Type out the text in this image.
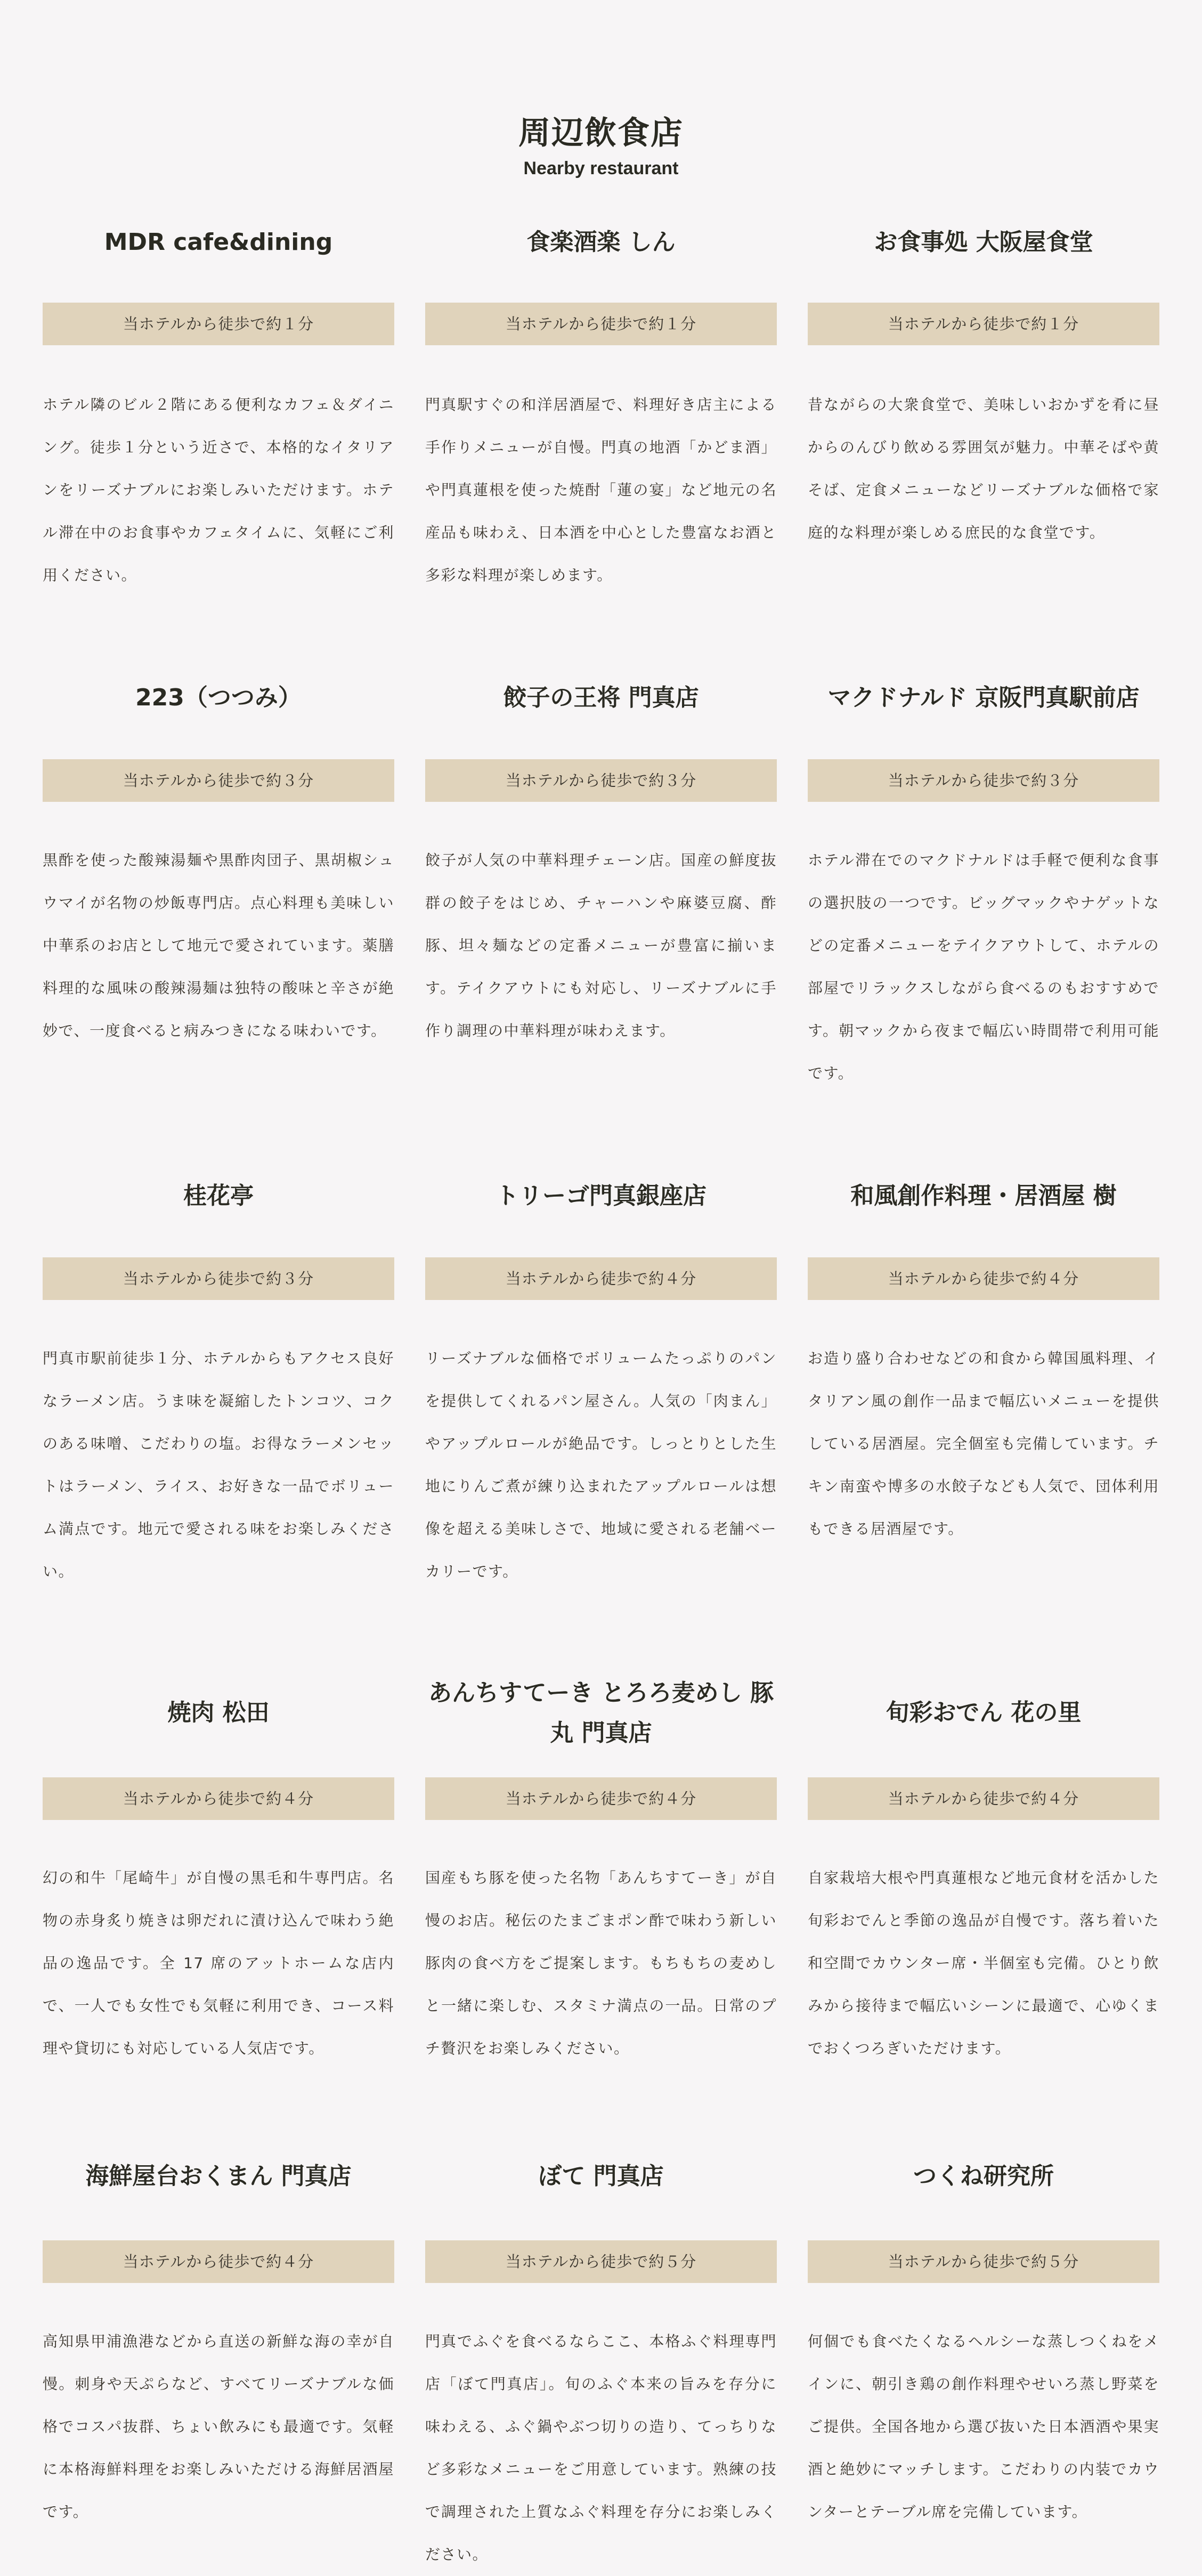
周辺飲食店
Nearby restaurant
MDR cafe&dining
当ホテルから徒歩で約１分

ホテル隣のビル２階にある便利なカフェ＆ダイニング。徒歩１分という近さで、本格的なイタリアンをリーズナブルにお楽しみいただけます。ホテル滞在中のお食事やカフェタイムに、気軽にご利用ください。

食楽酒楽 しん
当ホテルから徒歩で約１分

門真駅すぐの和洋居酒屋で、料理好き店主による手作りメニューが自慢。門真の地酒「かどま酒」や門真蓮根を使った焼酎「蓮の宴」など地元の名産品も味わえ、日本酒を中心とした豊富なお酒と多彩な料理が楽しめます。

お食事処 大阪屋食堂
当ホテルから徒歩で約１分

昔ながらの大衆食堂で、美味しいおかずを肴に昼からのんびり飲める雰囲気が魅力。中華そばや黄そば、定食メニューなどリーズナブルな価格で家庭的な料理が楽しめる庶民的な食堂です。

223（つつみ）
当ホテルから徒歩で約３分

黒酢を使った酸辣湯麺や黒酢肉団子、黒胡椒シュウマイが名物の炒飯専門店。点心料理も美味しい中華系のお店として地元で愛されています。薬膳料理的な風味の酸辣湯麺は独特の酸味と辛さが絶妙で、一度食べると病みつきになる味わいです。

餃子の王将 門真店
当ホテルから徒歩で約３分

餃子が人気の中華料理チェーン店。国産の鮮度抜群の餃子をはじめ、チャーハンや麻婆豆腐、酢豚、坦々麺などの定番メニューが豊富に揃います。テイクアウトにも対応し、リーズナブルに手作り調理の中華料理が味わえます。

マクドナルド 京阪門真駅前店
当ホテルから徒歩で約３分

ホテル滞在でのマクドナルドは手軽で便利な食事の選択肢の一つです。ビッグマックやナゲットなどの定番メニューをテイクアウトして、ホテルの部屋でリラックスしながら食べるのもおすすめです。朝マックから夜まで幅広い時間帯で利用可能です。

桂花亭
当ホテルから徒歩で約３分

門真市駅前徒歩１分、ホテルからもアクセス良好なラーメン店。うま味を凝縮したトンコツ、コクのある味噌、こだわりの塩。お得なラーメンセットはラーメン、ライス、お好きな一品でボリューム満点です。地元で愛される味をお楽しみください。

トリーゴ門真銀座店
当ホテルから徒歩で約４分

リーズナブルな価格でボリュームたっぷりのパンを提供してくれるパン屋さん。人気の「肉まん」やアップルロールが絶品です。しっとりとした生地にりんご煮が練り込まれたアップルロールは想像を超える美味しさで、地域に愛される老舗ベーカリーです。

和風創作料理・居酒屋 樹
当ホテルから徒歩で約４分

お造り盛り合わせなどの和食から韓国風料理、イタリアン風の創作一品まで幅広いメニューを提供している居酒屋。完全個室も完備しています。チキン南蛮や博多の水餃子なども人気で、団体利用もできる居酒屋です。

焼肉 松田
当ホテルから徒歩で約４分

幻の和牛「尾崎牛」が自慢の黒毛和牛専門店。名物の赤身炙り焼きは卵だれに漬け込んで味わう絶品の逸品です。全 17 席のアットホームな店内で、一人でも女性でも気軽に利用でき、コース料理や貸切にも対応している人気店です。

あんちすてーき とろろ麦めし 豚丸 門真店
当ホテルから徒歩で約４分

国産もち豚を使った名物「あんちすてーき」が自慢のお店。秘伝のたまごまポン酢で味わう新しい豚肉の食べ方をご提案します。もちもちの麦めしと一緒に楽しむ、スタミナ満点の一品。日常のプチ贅沢をお楽しみください。

旬彩おでん 花の里
当ホテルから徒歩で約４分

自家栽培大根や門真蓮根など地元食材を活かした旬彩おでんと季節の逸品が自慢です。落ち着いた和空間でカウンター席・半個室も完備。ひとり飲みから接待まで幅広いシーンに最適で、心ゆくまでおくつろぎいただけます。

海鮮屋台おくまん 門真店
当ホテルから徒歩で約４分

高知県甲浦漁港などから直送の新鮮な海の幸が自慢。刺身や天ぷらなど、すべてリーズナブルな価格でコスパ抜群、ちょい飲みにも最適です。気軽に本格海鮮料理をお楽しみいただける海鮮居酒屋です。

ぼて 門真店
当ホテルから徒歩で約５分

門真でふぐを食べるならここ、本格ふぐ料理専門店「ぼて門真店」。旬のふぐ本来の旨みを存分に味わえる、ふぐ鍋やぶつ切りの造り、てっちりなど多彩なメニューをご用意しています。熟練の技で調理された上質なふぐ料理を存分にお楽しみください。

つくね研究所
当ホテルから徒歩で約５分

何個でも食べたくなるヘルシーな蒸しつくねをメインに、朝引き鶏の創作料理やせいろ蒸し野菜をご提供。全国各地から選び抜いた日本酒酒や果実酒と絶妙にマッチします。こだわりの内装でカウンターとテーブル席を完備しています。
